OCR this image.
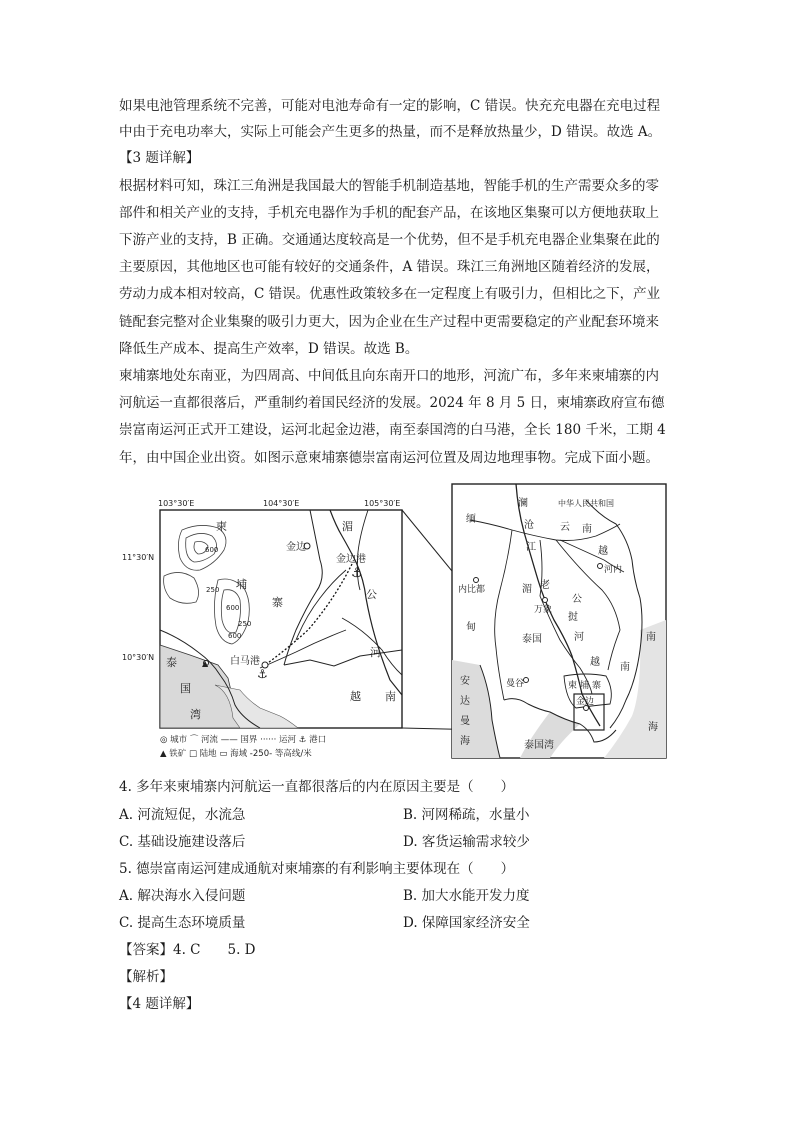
如果电池管理系统不完善，可能对电池寿命有一定的影响，C 错误。快充充电器在充电过程
中由于充电功率大，实际上可能会产生更多的热量，而不是释放热量少，D 错误。故选 A。
【3 题详解】
根据材料可知，珠江三角洲是我国最大的智能手机制造基地，智能手机的生产需要众多的零
部件和相关产业的支持，手机充电器作为手机的配套产品，在该地区集聚可以方便地获取上
下游产业的支持，B 正确。交通通达度较高是一个优势，但不是手机充电器企业集聚在此的
主要原因，其他地区也可能有较好的交通条件，A 错误。珠江三角洲地区随着经济的发展，
劳动力成本相对较高，C 错误。优惠性政策较多在一定程度上有吸引力，但相比之下，产业
链配套完整对企业集聚的吸引力更大，因为企业在生产过程中更需要稳定的产业配套环境来
降低生产成本、提高生产效率，D 错误。故选 B。
柬埔寨地处东南亚，为四周高、中间低且向东南开口的地形，河流广布，多年来柬埔寨的内
河航运一直都很落后，严重制约着国民经济的发展。2024 年 8 月 5 日，柬埔寨政府宣布德
崇富南运河正式开工建设，运河北起金边港，南至泰国湾的白马港，全长 180 千米，工期 4
年，由中国企业出资。如图示意柬埔寨德崇富南运河位置及周边地理事物。完成下面小题。
⚓
⚓
▲
103°30′E	104°30′E	105°30′E
11°30′N
10°30′N
柬
埔
寨
湄
公
河
越 南
泰
国
湾
金边
金边港
白马港
600
250
600
250
600
中华人民共和国
云 南
澜
沧
江
缅
甸
越
越 南
老
挝
湄
公
河
河内
内比都
万象
泰国
曼谷
金边
柬 埔 寨
南
海
安
达
曼
海	泰国湾
◎ 城市 ⌒ 河流 —— 国界 ······ 运河 ⚓ 港口
▲ 铁矿 □ 陆地 ▭ 海域 -250- 等高线/米
4. 多年来柬埔寨内河航运一直都很落后的内在原因主要是（　　）
A. 河流短促，水流急	B. 河网稀疏，水量小
C. 基础设施建设落后	D. 客货运输需求较少
5. 德崇富南运河建成通航对柬埔寨的有利影响主要体现在（　　）
A. 解决海水入侵问题	B. 加大水能开发力度
C. 提高生态环境质量	D. 保障国家经济安全
【答案】4. C　　5. D
【解析】
【4 题详解】
